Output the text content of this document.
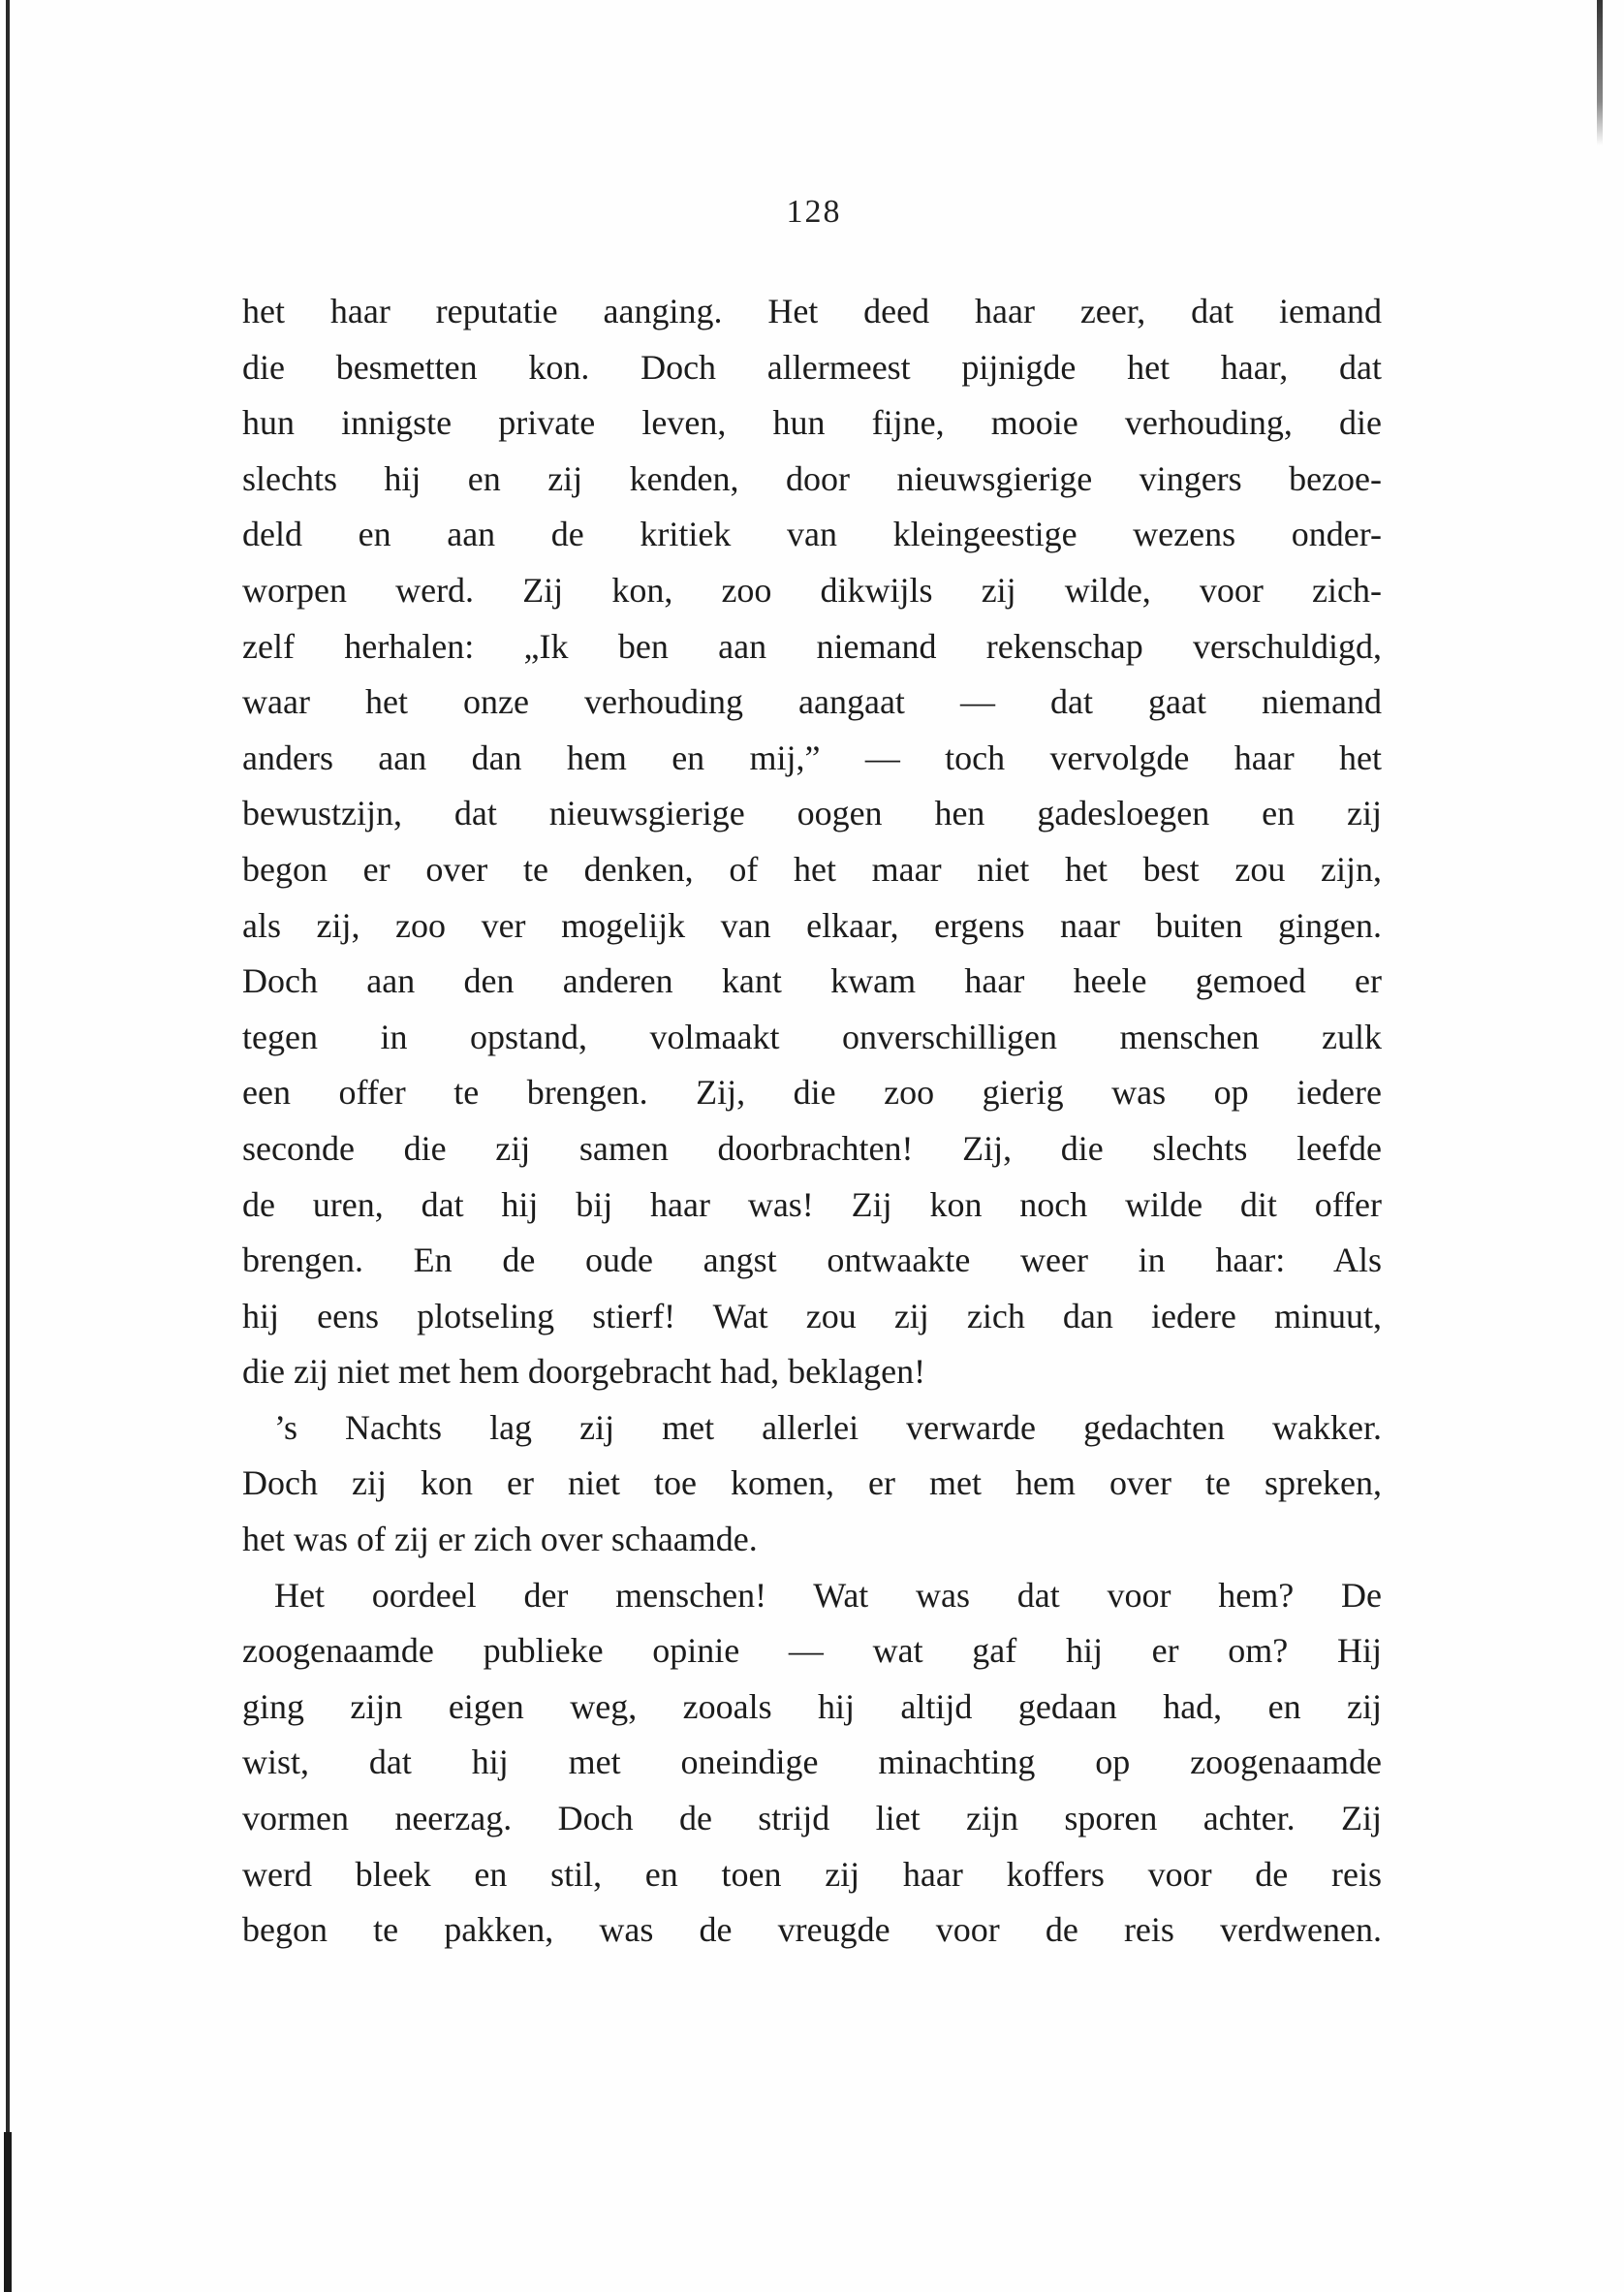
128
het haar reputatie aanging. Het deed haar zeer, dat iemand
die besmetten kon. Doch allermeest pijnigde het haar, dat
hun innigste private leven, hun fijne, mooie verhouding, die
slechts hij en zij kenden, door nieuwsgierige vingers bezoe-
deld en aan de kritiek van kleingeestige wezens onder-
worpen werd. Zij kon, zoo dikwijls zij wilde, voor zich-
zelf herhalen: „Ik ben aan niemand rekenschap verschuldigd,
waar het onze verhouding aangaat — dat gaat niemand
anders aan dan hem en mij,” — toch vervolgde haar het
bewustzijn, dat nieuwsgierige oogen hen gadesloegen en zij
begon er over te denken, of het maar niet het best zou zijn,
als zij, zoo ver mogelijk van elkaar, ergens naar buiten gingen.
Doch aan den anderen kant kwam haar heele gemoed er
tegen in opstand, volmaakt onverschilligen menschen zulk
een offer te brengen. Zij, die zoo gierig was op iedere
seconde die zij samen doorbrachten! Zij, die slechts leefde
de uren, dat hij bij haar was! Zij kon noch wilde dit offer
brengen. En de oude angst ontwaakte weer in haar: Als
hij eens plotseling stierf! Wat zou zij zich dan iedere minuut,
die zij niet met hem doorgebracht had, beklagen!
’s Nachts lag zij met allerlei verwarde gedachten wakker.
Doch zij kon er niet toe komen, er met hem over te spreken,
het was of zij er zich over schaamde.
Het oordeel der menschen! Wat was dat voor hem? De
zoogenaamde publieke opinie — wat gaf hij er om? Hij
ging zijn eigen weg, zooals hij altijd gedaan had, en zij
wist, dat hij met oneindige minachting op zoogenaamde
vormen neerzag. Doch de strijd liet zijn sporen achter. Zij
werd bleek en stil, en toen zij haar koffers voor de reis
begon te pakken, was de vreugde voor de reis verdwenen.
